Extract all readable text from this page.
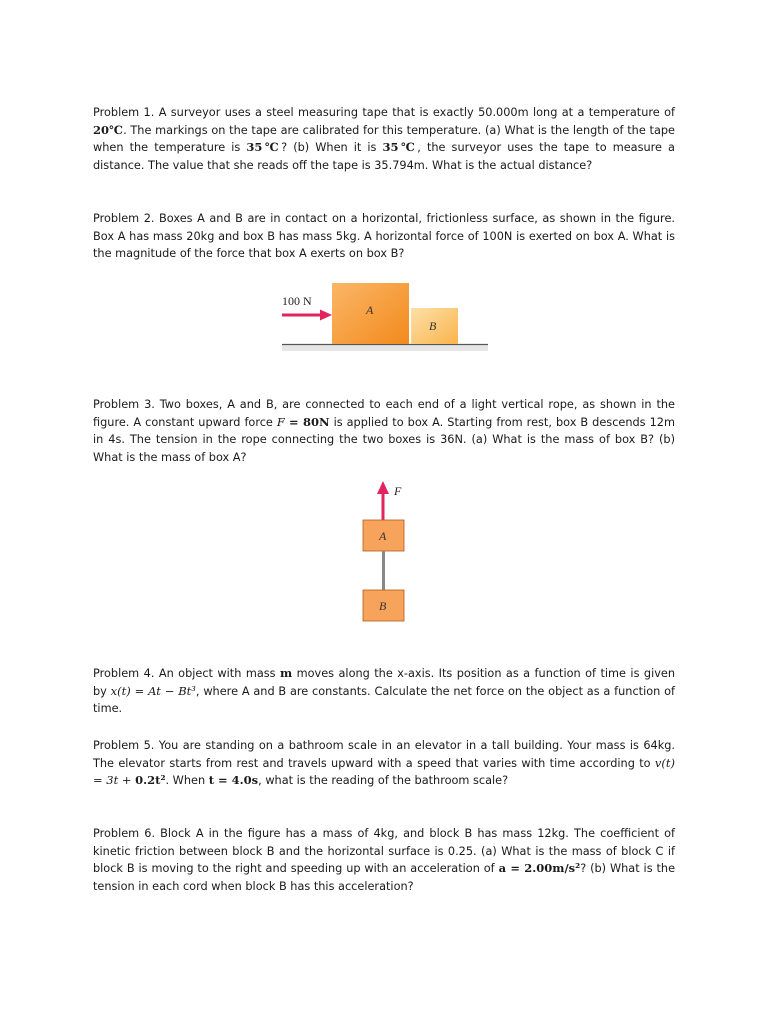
Problem 1. A surveyor uses a steel measuring tape that is exactly 50.000m long at a temperature of 20℃. The markings on the tape are calibrated for this temperature. (a) What is the length of the tape when the temperature is 35℃? (b) When it is 35℃, the surveyor uses the tape to measure a distance. The value that she reads off the tape is 35.794m. What is the actual distance?
Problem 2. Boxes A and B are in contact on a horizontal, frictionless surface, as shown in the figure. Box A has mass 20kg and box B has mass 5kg. A horizontal force of 100N is exerted on box A. What is the magnitude of the force that box A exerts on box B?
A
B
100 N
Problem 3. Two boxes, A and B, are connected to each end of a light vertical rope, as shown in the figure. A constant upward force F = 80N is applied to box A. Starting from rest, box B descends 12m in 4s. The tension in the rope connecting the two boxes is 36N. (a) What is the mass of box B? (b) What is the mass of box A?
F
A
B
Problem 4. An object with mass m moves along the x-axis. Its position as a function of time is given by x(t) = At − Bt³, where A and B are constants. Calculate the net force on the object as a function of time.
Problem 5. You are standing on a bathroom scale in an elevator in a tall building. Your mass is 64kg. The elevator starts from rest and travels upward with a speed that varies with time according to v(t) = 3t + 0.2t². When t = 4.0s, what is the reading of the bathroom scale?
Problem 6. Block A in the figure has a mass of 4kg, and block B has mass 12kg. The coefficient of kinetic friction between block B and the horizontal surface is 0.25. (a) What is the mass of block C if block B is moving to the right and speeding up with an acceleration of a = 2.00m/s²? (b) What is the tension in each cord when block B has this acceleration?
